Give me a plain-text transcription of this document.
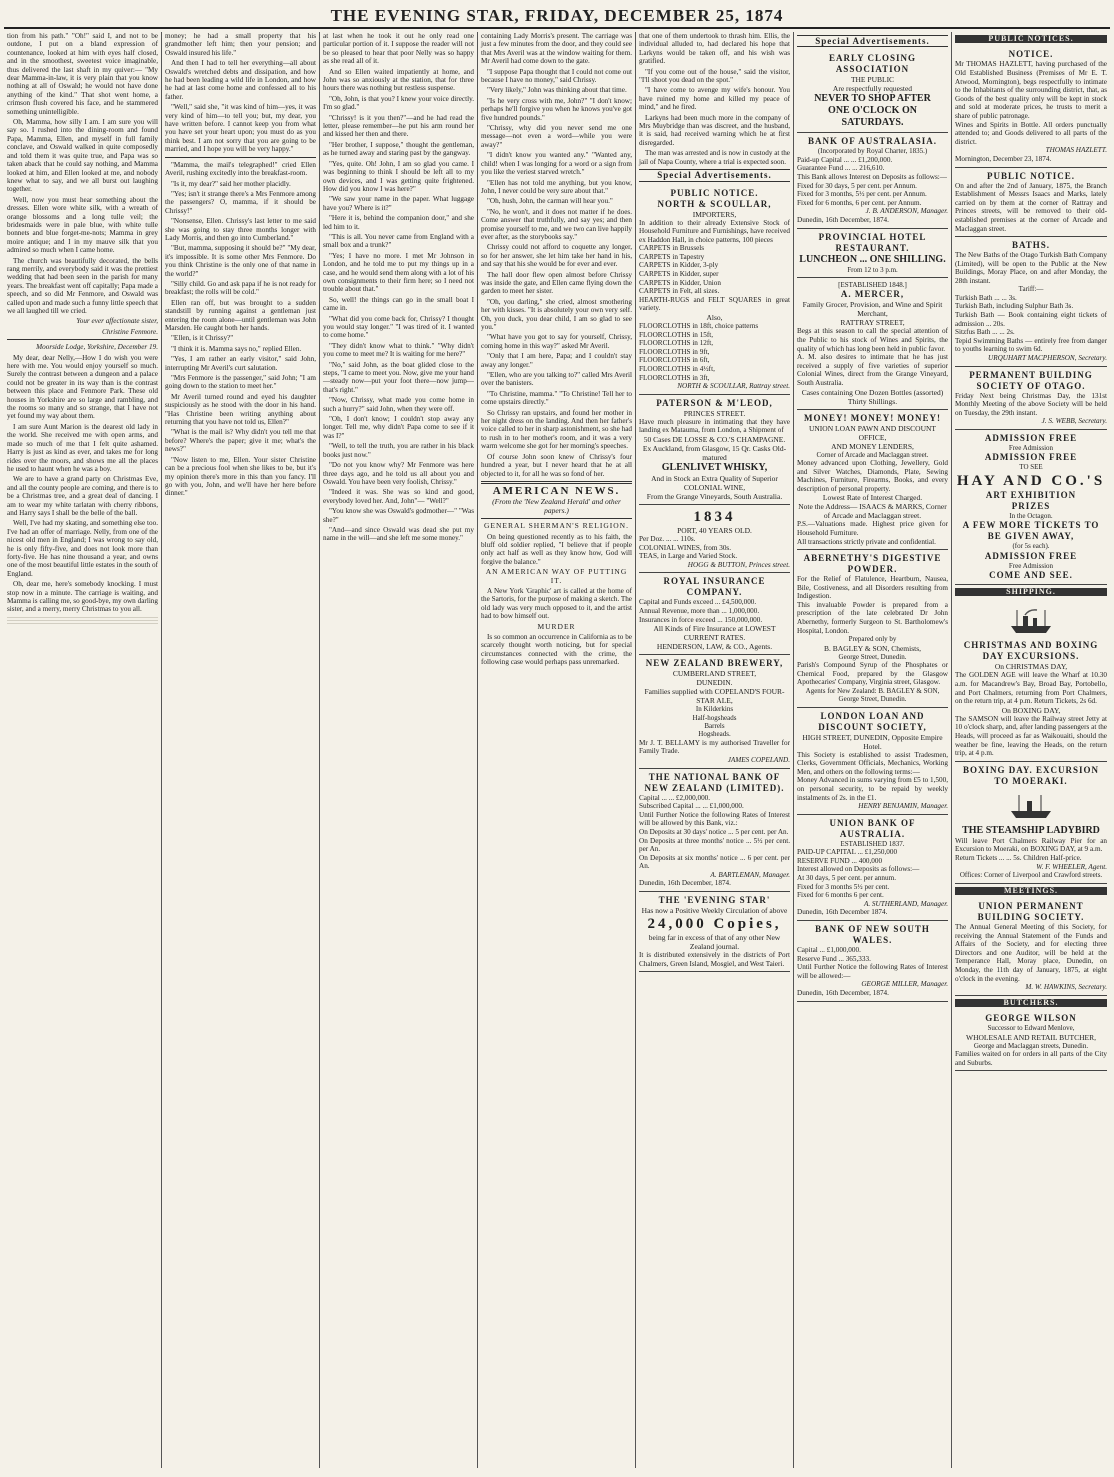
THE EVENING STAR, FRIDAY, DECEMBER 25, 1874

tion from his path." "Oh!" said I, and not to be outdone, I put on a bland expression of countenance, looked at him with eyes half closed, and in the smoothest, sweetest voice imaginable, thus delivered the last shaft in my quiver:— "My dear Mamma-in-law, it is very plain that you know nothing at all of Oswald; he would not have done anything of the kind." That shot went home, a crimson flush covered his face, and he stammered something unintelligible.

Oh, Mamma, how silly I am. I am sure you will say so. I rushed into the dining-room and found Papa, Mamma, Ellen, and myself in full family conclave, and Oswald walked in quite composedly and told them it was quite true, and Papa was so taken aback that he could say nothing, and Mamma looked at him, and Ellen looked at me, and nobody knew what to say, and we all burst out laughing together.

Well, now you must hear something about the dresses. Ellen wore white silk, with a wreath of orange blossoms and a long tulle veil; the bridesmaids were in pale blue, with white tulle bonnets and blue forget-me-nots; Mamma in grey moire antique; and I in my mauve silk that you admired so much when I came home.

The church was beautifully decorated, the bells rang merrily, and everybody said it was the prettiest wedding that had been seen in the parish for many years. The breakfast went off capitally; Papa made a speech, and so did Mr Fenmore, and Oswald was called upon and made such a funny little speech that we all laughed till we cried.

Your ever affectionate sister,

Christine Fenmore.

Moorside Lodge, Yorkshire, December 19.

My dear, dear Nelly,—How I do wish you were here with me. You would enjoy yourself so much. Surely the contrast between a dungeon and a palace could not be greater in its way than is the contrast between this place and Fenmore Park. These old houses in Yorkshire are so large and rambling, and the rooms so many and so strange, that I have not yet found my way about them.

I am sure Aunt Marion is the dearest old lady in the world. She received me with open arms, and made so much of me that I felt quite ashamed. Harry is just as kind as ever, and takes me for long rides over the moors, and shows me all the places he used to haunt when he was a boy.

We are to have a grand party on Christmas Eve, and all the county people are coming, and there is to be a Christmas tree, and a great deal of dancing. I am to wear my white tarlatan with cherry ribbons, and Harry says I shall be the belle of the ball.

Well, I've had my skating, and something else too. I've had an offer of marriage. Nelly, from one of the nicest old men in England; I was wrong to say old, he is only fifty-five, and does not look more than forty-five. He has nine thousand a year, and owns one of the most beautiful little estates in the south of England.

Oh, dear me, here's somebody knocking. I must stop now in a minute. The carriage is waiting, and Mamma is calling me, so good-bye, my own darling sister, and a merry, merry Christmas to you all.

money; he had a small property that his grandmother left him; then your pension; and Oswald insured his life."

And then I had to tell her everything—all about Oswald's wretched debts and dissipation, and how he had been leading a wild life in London, and how he had at last come home and confessed all to his father.

"Well," said she, "it was kind of him—yes, it was very kind of him—to tell you; but, my dear, you have written before. I cannot keep you from what you have set your heart upon; you must do as you think best. I am not sorry that you are going to be married, and I hope you will be very happy."

"Mamma, the mail's telegraphed!" cried Ellen Averil, rushing excitedly into the breakfast-room.

"Is it, my dear?" said her mother placidly.

"Yes; isn't it strange there's a Mrs Fenmore among the passengers? O, mamma, if it should be Chrissy!"

"Nonsense, Ellen. Chrissy's last letter to me said she was going to stay three months longer with Lady Morris, and then go into Cumberland."

"But, mamma, supposing it should be?" "My dear, it's impossible. It is some other Mrs Fenmore. Do you think Christine is the only one of that name in the world?"

"Silly child. Go and ask papa if he is not ready for breakfast; the rolls will be cold."

Ellen ran off, but was brought to a sudden standstill by running against a gentleman just entering the room alone—until gentleman was John Marsden. He caught both her hands.

"Ellen, is it Chrissy?"

"I think it is. Mamma says no," replied Ellen.

"Yes, I am rather an early visitor," said John, interrupting Mr Averil's curt salutation.

"Mrs Fenmore is the passenger," said John; "I am going down to the station to meet her."

Mr Averil turned round and eyed his daughter suspiciously as he stood with the door in his hand. "Has Christine been writing anything about returning that you have not told us, Ellen?"

"What is the mail is? Why didn't you tell me that before? Where's the paper; give it me; what's the news?"

"Now listen to me, Ellen. Your sister Christine can be a precious fool when she likes to be, but it's my opinion there's more in this than you fancy. I'll go with you, John, and we'll have her here before dinner."

at last when he took it out he only read one particular portion of it. I suppose the reader will not be so pleased to hear that poor Nelly was so happy as she read all of it.

And so Ellen waited impatiently at home, and John was so anxiously at the station, that for three hours there was nothing but restless suspense.

"Oh, John, is that you? I knew your voice directly. I'm so glad."

"Chrissy! is it you then?"—and he had read the letter, please remember—he put his arm round her and kissed her then and there.

"Her brother, I suppose," thought the gentleman, as he turned away and staring past by the gangway.

"Yes, quite. Oh! John, I am so glad you came. I was beginning to think I should be left all to my own devices, and I was getting quite frightened. How did you know I was here?"

"We saw your name in the paper. What luggage have you? Where is it?"

"Here it is, behind the companion door," and she led him to it.

"This is all. You never came from England with a small box and a trunk?"

"Yes; I have no more. I met Mr Johnson in London, and he told me to put my things up in a case, and he would send them along with a lot of his own consignments to their firm here; so I need not trouble about that."

So, well! the things can go in the small boat I came in.

"What did you come back for, Chrissy? I thought you would stay longer." "I was tired of it. I wanted to come home."

"They didn't know what to think." "Why didn't you come to meet me? It is waiting for me here?"

"No," said John, as the boat glided close to the steps, "I came to meet you. Now, give me your hand—steady now—put your foot there—now jump—that's right."

"Now, Chrissy, what made you come home in such a hurry?" said John, when they were off.

"Oh, I don't know; I couldn't stop away any longer. Tell me, why didn't Papa come to see if it was I?"

"Well, to tell the truth, you are rather in his black books just now."

"Do not you know why? Mr Fenmore was here three days ago, and he told us all about you and Oswald. You have been very foolish, Chrissy."

"Indeed it was. She was so kind and good, everybody loved her. And, John"— "Well?"

"You know she was Oswald's godmother—" "Was she?"

"And—and since Oswald was dead she put my name in the will—and she left me some money."

containing Lady Morris's present. The carriage was just a few minutes from the door, and they could see that Mrs Averil was at the window waiting for them. Mr Averil had come down to the gate.

"I suppose Papa thought that I could not come out because I have no money," said Chrissy.

"Very likely," John was thinking about that time.

"Is he very cross with me, John?" "I don't know; perhaps he'll forgive you when he knows you've got five hundred pounds."

"Chrissy, why did you never send me one message—not even a word—while you were away?"

"I didn't know you wanted any." "Wanted any, child! when I was longing for a word or a sign from you like the veriest starved wretch."

"Ellen has not told me anything, but you know, John, I never could be very sure about that."

"Oh, hush, John, the carman will hear you."

"No, he won't, and it does not matter if he does. Come answer that truthfully, and say yes; and then promise yourself to me, and we two can live happily ever after, as the storybooks say."

Chrissy could not afford to coquette any longer, so for her answer, she let him take her hand in his, and say that his she would be for ever and ever.

The hall door flew open almost before Chrissy was inside the gate, and Ellen came flying down the garden to meet her sister.

"Oh, you darling," she cried, almost smothering her with kisses. "It is absolutely your own very self. Oh, you duck, you dear child, I am so glad to see you."

"What have you got to say for yourself, Chrissy, coming home in this way?" asked Mr Averil.

"Only that I am here, Papa; and I couldn't stay away any longer."

"Ellen, who are you talking to?" called Mrs Averil over the banisters.

"To Christine, mamma." "To Christine! Tell her to come upstairs directly."

So Chrissy ran upstairs, and found her mother in her night dress on the landing. And then her father's voice called to her in sharp astonishment, so she had to rush in to her mother's room, and it was a very warm welcome she got for her morning's speeches.

Of course John soon knew of Chrissy's four hundred a year, but I never heard that he at all objected to it, for all he was so fond of her.

AMERICAN NEWS.
(From the 'New Zealand Herald' and other papers.)
GENERAL SHERMAN'S RELIGION.

On being questioned recently as to his faith, the bluff old soldier replied, "I believe that if people only act half as well as they know how, God will forgive the balance."

AN AMERICAN WAY OF PUTTING IT.

A New York 'Graphic' art is called at the home of the Sartoris, for the purpose of making a sketch. The old lady was very much opposed to it, and the artist had to bow himself out.

MURDER

Is so common an occurrence in California as to be scarcely thought worth noticing, but for special circumstances connected with the crime, the following case would perhaps pass unremarked.

that one of them undertook to thrash him. Ellis, the individual alluded to, had declared his hope that Larkyns would be taken off, and his wish was gratified.

"If you come out of the house," said the visitor, "I'll shoot you dead on the spot."

"I have come to avenge my wife's honour. You have ruined my home and killed my peace of mind," and he fired.

Larkyns had been much more in the company of Mrs Muybridge than was discreet, and the husband, it is said, had received warning which he at first disregarded.

The man was arrested and is now in custody at the jail of Napa County, where a trial is expected soon.

Special Advertisements.
PUBLIC NOTICE.
NORTH & SCOULLAR,
IMPORTERS,
In addition to their already Extensive Stock of Household Furniture and Furnishings, have received ex Haddon Hall, in choice patterns, 100 pieces
CARPETS in Brussels
CARPETS in Tapestry
CARPETS in Kidder, 3-ply
CARPETS in Kidder, super
CARPETS in Kidder, Union
CARPETS in Felt, all sizes.
HEARTH-RUGS and FELT SQUARES in great variety.
Also,
FLOORCLOTHS in 18ft, choice patterns
FLOORCLOTHS in 15ft,
FLOORCLOTHS in 12ft,
FLOORCLOTHS in 9ft,
FLOORCLOTHS in 6ft,
FLOORCLOTHS in 4½ft,
FLOORCLOTHS in 3ft,
NORTH & SCOULLAR, Rattray street.
PATERSON & M'LEOD,
PRINCES STREET.
Have much pleasure in intimating that they have landing ex Matauma, from London, a Shipment of
50 Cases DE LOSSE & CO.'S CHAMPAGNE.
Ex Auckland, from Glasgow, 15 Qr. Casks Old-matured
GLENLIVET WHISKY,
And in Stock an Extra Quality of Superior COLONIAL WINE,
From the Grange Vineyards, South Australia.
1834
PORT, 40 YEARS OLD.
Per Doz. ... ... 110s.
COLONIAL WINES, from 30s.
TEAS, in Large and Varied Stock.
HOGG & BUTTON, Princes street.
ROYAL INSURANCE COMPANY.
Capital and Funds exceed ... £4,500,000.
Annual Revenue, more than ... 1,000,000.
Insurances in force exceed ... 150,000,000.
All Kinds of Fire Insurance at LOWEST CURRENT RATES.
HENDERSON, LAW, & CO., Agents.
NEW ZEALAND BREWERY,
CUMBERLAND STREET,
DUNEDIN.
Families supplied with COPELAND'S FOUR-STAR ALE,
In Kilderkins
Half-hogsheads
Barrels
Hogsheads.
Mr J. T. BELLAMY is my authorised Traveller for Family Trade.
JAMES COPELAND.
THE NATIONAL BANK OF NEW ZEALAND (LIMITED).
Capital ... ... £2,000,000.
Subscribed Capital ... ... £1,000,000.
Until Further Notice the following Rates of Interest will be allowed by this Bank, viz.:
On Deposits at 30 days' notice ... 5 per cent. per An.
On Deposits at three months' notice ... 5½ per cent. per An.
On Deposits at six months' notice ... 6 per cent. per An.
A. BARTLEMAN, Manager.
Dunedin, 16th December, 1874.
THE 'EVENING STAR'
Has now a Positive Weekly Circulation of above
24,000 Copies,
being far in excess of that of any other New Zealand journal.
It is distributed extensively in the districts of Port Chalmers, Green Island, Mosgiel, and West Taieri.
Special Advertisements.
EARLY CLOSING ASSOCIATION
THE PUBLIC
Are respectfully requested
NEVER TO SHOP AFTER
ONE O'CLOCK ON SATURDAYS.
BANK OF AUSTRALASIA.
(Incorporated by Royal Charter, 1835.)
Paid-up Capital ... ... £1,200,000.
Guarantee Fund ... ... 216,610.
This Bank allows Interest on Deposits as follows:—
Fixed for 30 days, 5 per cent. per Annum.
Fixed for 3 months, 5½ per cent. per Annum.
Fixed for 6 months, 6 per cent. per Annum.
J. B. ANDERSON, Manager.
Dunedin, 16th December, 1874.
PROVINCIAL HOTEL RESTAURANT.
LUNCHEON ... ONE SHILLING.
From 12 to 3 p.m.
[ESTABLISHED 1848.]
A. MERCER,
Family Grocer, Provision, and Wine and Spirit Merchant,
RATTRAY STREET,
Begs at this season to call the special attention of the Public to his stock of Wines and Spirits, the quality of which has long been held in public favor.
A. M. also desires to intimate that he has just received a supply of five varieties of superior Colonial Wines, direct from the Grange Vineyard, South Australia.
Cases containing One Dozen Bottles (assorted) Thirty Shillings.
MONEY! MONEY! MONEY!
UNION LOAN PAWN AND DISCOUNT OFFICE,
AND MONEY LENDERS,
Corner of Arcade and Maclaggan street.
Money advanced upon Clothing, Jewellery, Gold and Silver Watches, Diamonds, Plate, Sewing Machines, Furniture, Firearms, Books, and every description of personal property.
Lowest Rate of Interest Charged.
Note the Address— ISAACS & MARKS, Corner of Arcade and Maclaggan street.
P.S.—Valuations made. Highest price given for Household Furniture.
All transactions strictly private and confidential.
ABERNETHY'S DIGESTIVE POWDER.
For the Relief of Flatulence, Heartburn, Nausea, Bile, Costiveness, and all Disorders resulting from Indigestion.
This invaluable Powder is prepared from a prescription of the late celebrated Dr John Abernethy, formerly Surgeon to St. Bartholomew's Hospital, London.
Prepared only by
B. BAGLEY & SON, Chemists,
George Street, Dunedin.
Parish's Compound Syrup of the Phosphates or Chemical Food, prepared by the Glasgow Apothecaries' Company, Virginia street, Glasgow.
Agents for New Zealand: B. BAGLEY & SON, George Street, Dunedin.
LONDON LOAN AND DISCOUNT SOCIETY,
HIGH STREET, DUNEDIN, Opposite Empire Hotel.
This Society is established to assist Tradesmen, Clerks, Government Officials, Mechanics, Working Men, and others on the following terms:—
Money Advanced in sums varying from £5 to 1,500, on personal security, to be repaid by weekly instalments of 2s. in the £1.
HENRY BENJAMIN, Manager.
UNION BANK OF AUSTRALIA.
ESTABLISHED 1837.
PAID-UP CAPITAL ... £1,250,000
RESERVE FUND ... 400,000
Interest allowed on Deposits as follows:—
At 30 days, 5 per cent. per annum.
Fixed for 3 months 5½ per cent.
Fixed for 6 months 6 per cent.
A. SUTHERLAND, Manager.
Dunedin, 16th December 1874.
BANK OF NEW SOUTH WALES.
Capital ... £1,000,000.
Reserve Fund ... 365,333.
Until Further Notice the following Rates of Interest will be allowed:—
GEORGE MILLER, Manager.
Dunedin, 16th December, 1874.
PUBLIC NOTICES.
NOTICE.
Mr THOMAS HAZLETT, having purchased of the Old Established Business (Premises of Mr E. T. Atwood, Mornington), begs respectfully to intimate to the Inhabitants of the surrounding district, that, as Goods of the best quality only will be kept in stock and sold at moderate prices, he trusts to merit a share of public patronage.
Wines and Spirits in Bottle. All orders punctually attended to; and Goods delivered to all parts of the district.
THOMAS HAZLETT.
Mornington, December 23, 1874.
PUBLIC NOTICE.
On and after the 2nd of January, 1875, the Branch Establishment of Messrs Isaacs and Marks, lately carried on by them at the corner of Rattray and Princes streets, will be removed to their old-established premises at the corner of Arcade and Maclaggan street.
BATHS.
The New Baths of the Otago Turkish Bath Company (Limited), will be open to the Public at the New Buildings, Moray Place, on and after Monday, the 28th instant.
Tariff:—
Turkish Bath ... ... 3s.
Turkish Bath, including Sulphur Bath 3s.
Turkish Bath — Book containing eight tickets of admission ... 20s.
Sitzfus Bath ... ... 2s.
Tepid Swimming Baths — entirely free from danger to youths learning to swim 6d.
URQUHART MACPHERSON, Secretary.
PERMANENT BUILDING SOCIETY OF OTAGO.
Friday Next being Christmas Day, the 131st Monthly Meeting of the above Society will be held on Tuesday, the 29th instant.
J. S. WEBB, Secretary.
ADMISSION FREE
Free Admission
ADMISSION FREE
TO SEE
HAY AND CO.'S
ART EXHIBITION
PRIZES
In the Octagon.
A FEW MORE TICKETS TO BE GIVEN AWAY,
(for 5s each).
ADMISSION FREE
Free Admission
COME AND SEE.
SHIPPING.
CHRISTMAS AND BOXING DAY EXCURSIONS.
On CHRISTMAS DAY,
The GOLDEN AGE will leave the Wharf at 10.30 a.m. for Macandrew's Bay, Broad Bay, Portobello, and Port Chalmers, returning from Port Chalmers, on the return trip, at 4 p.m. Return Tickets, 2s 6d.
On BOXING DAY,
The SAMSON will leave the Railway street Jetty at 10 o'clock sharp, and, after landing passengers at the Heads, will proceed as far as Waikouaiti, should the weather be fine, leaving the Heads, on the return trip, at 4 p.m.
BOXING DAY. EXCURSION TO MOERAKI.
THE STEAMSHIP LADYBIRD
Will leave Port Chalmers Railway Pier for an Excursion to Moeraki, on BOXING DAY, at 9 a.m.
Return Tickets ... ... 5s. Children Half-price.
W. F. WHEELER, Agent.
Offices: Corner of Liverpool and Crawford streets.
MEETINGS.
UNION PERMANENT BUILDING SOCIETY.
The Annual General Meeting of this Society, for receiving the Annual Statement of the Funds and Affairs of the Society, and for electing three Directors and one Auditor, will be held at the Temperance Hall, Moray place, Dunedin, on Monday, the 11th day of January, 1875, at eight o'clock in the evening.
M. W. HAWKINS, Secretary.
BUTCHERS.
GEORGE WILSON
Successor to Edward Menlove,
WHOLESALE AND RETAIL BUTCHER,
George and Maclaggan streets, Dunedin.
Families waited on for orders in all parts of the City and Suburbs.
